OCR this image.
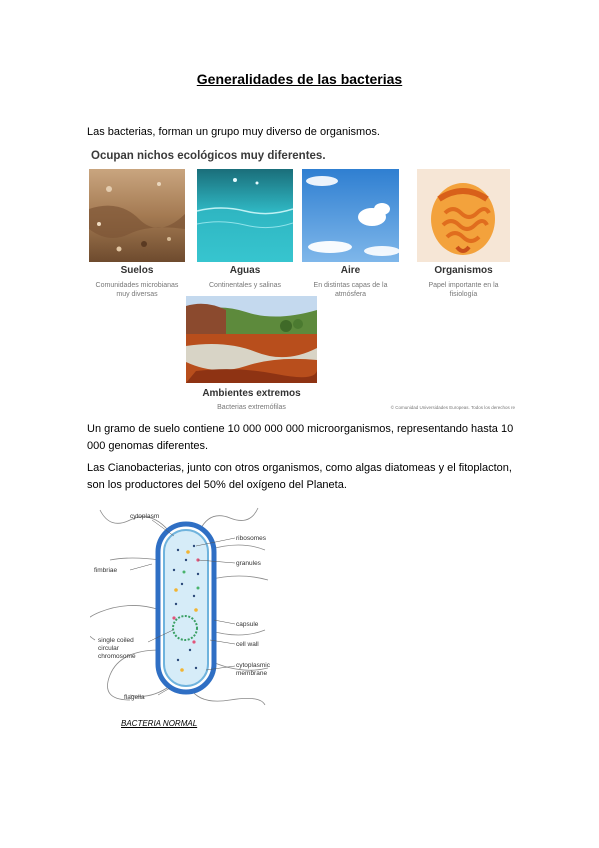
Generalidades de las bacterias
Las bacterias, forman un grupo muy diverso de organismos.
Ocupan nichos ecológicos muy diferentes.
Suelos
Comunidades microbianas
muy diversas
Aguas
Continentales y salinas
Aire
En distintas capas de la
atmósfera
Organismos
Papel importante en la
fisiología
Ambientes extremos
Bacterias extremófilas	© Comunidad Universidades Europeas. Todos los derechos re
Un gramo de suelo contiene 10 000 000 000 microorganismos, representando hasta 10
000 genomas diferentes.
Las Cianobacterias, junto con otros organismos, como algas diatomeas y el fitoplacton,
son los productores del 50% del oxígeno del Planeta.
cytoplasm
ribosomes
granules
fimbriae
capsule
cell wall
single coiled
circular
chromosome
cytoplasmic
membrane
flagella
BACTERIA NORMAL
